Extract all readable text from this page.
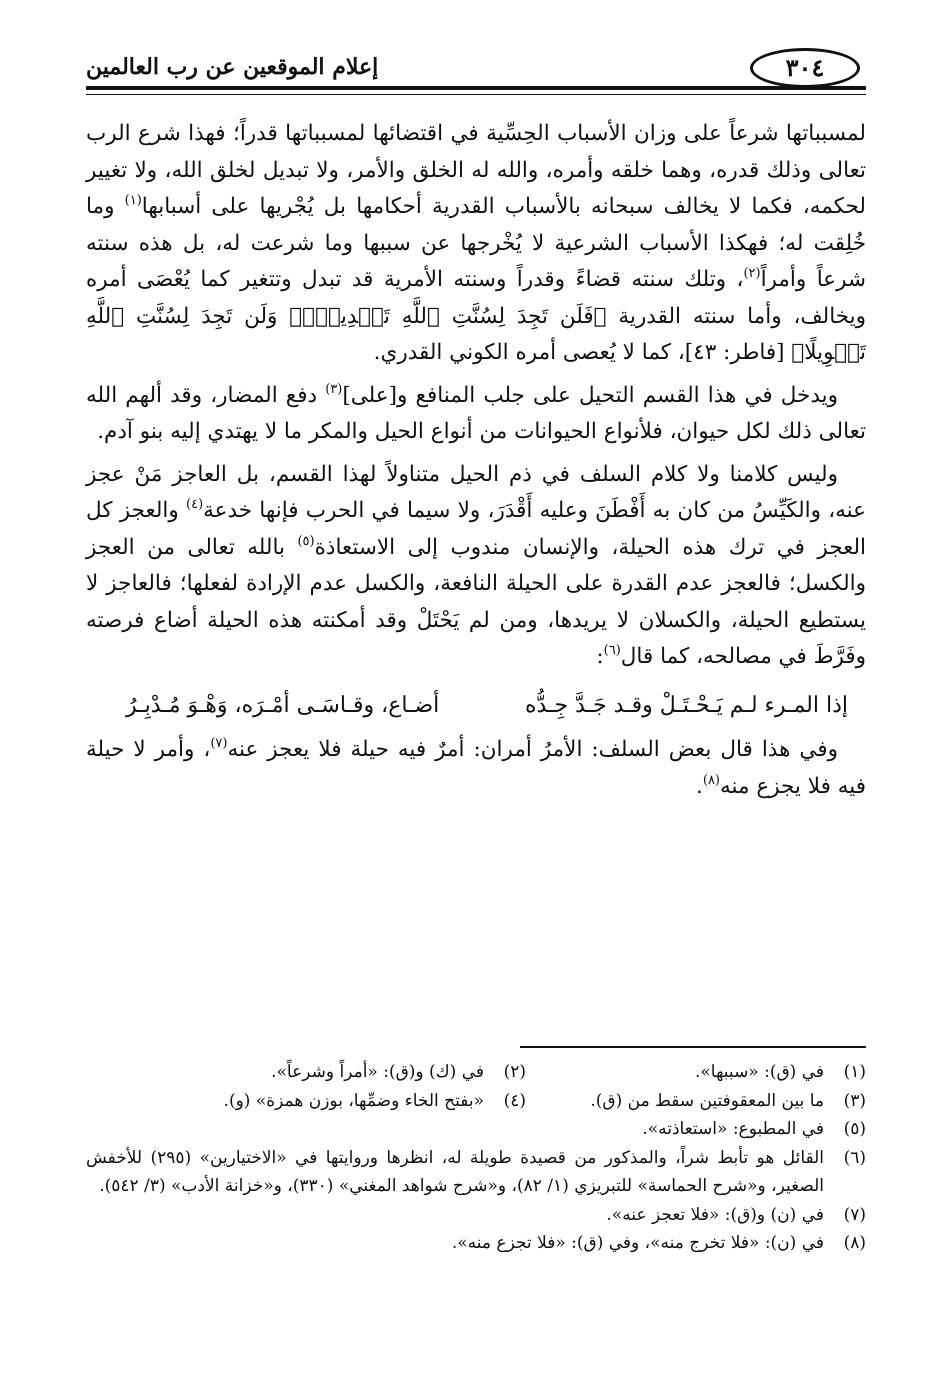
إعلام الموقعين عن رب العالمين	٣٠٤

لمسبباتها شرعاً على وزان الأسباب الحِسِّية في اقتضائها لمسبباتها قدراً؛ فهذا شرع الرب تعالى وذلك قدره، وهما خلقه وأمره، والله له الخلق والأمر، ولا تبديل لخلق الله، ولا تغيير لحكمه، فكما لا يخالف سبحانه بالأسباب القدرية أحكامها بل يُجْريها على أسبابها$^{(١)}$ وما خُلِقت له؛ فهكذا الأسباب الشرعية لا يُخْرجها عن سببها وما شرعت له، بل هذه سنته شرعاً وأمراً$^{(٢)}$، وتلك سنته قضاءً وقدراً وسنته الأمرية قد تبدل وتتغير كما يُعْصَى أمره ويخالف، وأما سنته القدرية ﴿فَلَن تَجِدَ لِسُنَّتِ ٱللَّهِ تَبۡدِيلًاۖ وَلَن تَجِدَ لِسُنَّتِ ٱللَّهِ تَحۡوِيلًا﴾ [فاطر: ٤٣]، كما لا يُعصى أمره الكوني القدري.

ويدخل في هذا القسم التحيل على جلب المنافع و[على]$^{(٣)}$ دفع المضار، وقد ألهم الله تعالى ذلك لكل حيوان، فلأنواع الحيوانات من أنواع الحيل والمكر ما لا يهتدي إليه بنو آدم.

وليس كلامنا ولا كلام السلف في ذم الحيل متناولاً لهذا القسم، بل العاجز مَنْ عجز عنه، والكَيِّسُ من كان به أَفْطَنَ وعليه أَقْدَرَ، ولا سيما في الحرب فإنها خدعة$^{(٤)}$ والعجز كل العجز في ترك هذه الحيلة، والإنسان مندوب إلى الاستعاذة$^{(٥)}$ بالله تعالى من العجز والكسل؛ فالعجز عدم القدرة على الحيلة النافعة، والكسل عدم الإرادة لفعلها؛ فالعاجز لا يستطيع الحيلة، والكسلان لا يريدها، ومن لم يَحْتَلْ وقد أمكنته هذه الحيلة أضاع فرصته وفَرَّطَ في مصالحه، كما قال$^{(٦)}$:

إذا المـرء لـم يَـحْـتَـلْ وقـد جَـدَّ جِـدُّه
أضـاع، وقـاسَـى أمْـرَه، وَهْـوَ مُـدْبِـرُ

وفي هذا قال بعض السلف: الأمرُ أمران: أمرٌ فيه حيلة فلا يعجز عنه$^{(٧)}$، وأمر لا حيلة فيه فلا يجزع منه$^{(٨)}$.

(١)
في (ق): «سببها».
(٢)
في (ك) و(ق): «أمراً وشرعاً».
(٣)
ما بين المعقوفتين سقط من (ق).
(٤)
«بفتح الخاء وضمِّها، بوزن همزة» (و).
(٥)
في المطبوع: «استعاذته».
(٦)
القائل هو تأبط شراً، والمذكور من قصيدة طويلة له، انظرها وروايتها في «الاختيارين» (٢٩٥) للأخفش الصغير، و«شرح الحماسة» للتبريزي (١/ ٨٢)، و«شرح شواهد المغني» (٣٣٠)، و«خزانة الأدب» (٣/ ٥٤٢).
(٧)
في (ن) و(ق): «فلا تعجز عنه».
(٨)
في (ن): «فلا تخرج منه»، وفي (ق): «فلا تجزع منه».
